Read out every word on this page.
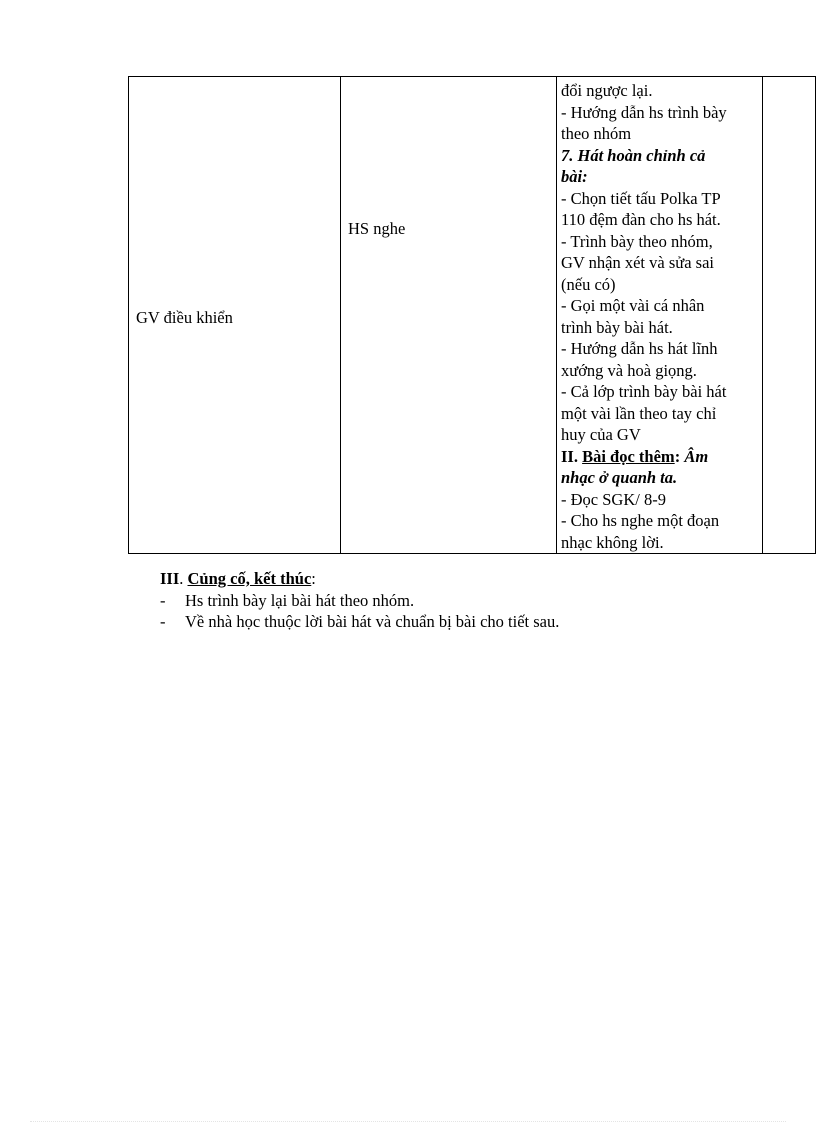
GV điều khiển

HS nghe

đổi ngược lại.
- Hướng dẫn hs trình bày
theo nhóm
7. Hát hoàn chỉnh cả
bài:
- Chọn tiết tấu Polka TP
110 đệm đàn cho hs hát.
- Trình bày theo nhóm,
GV nhận xét và sửa sai
(nếu có)
- Gọi một vài cá nhân
trình bày bài hát.
- Hướng dẫn hs hát lĩnh
xướng và hoà giọng.
- Cả lớp trình bày bài hát
một vài lần theo tay chỉ
huy của GV
II. Bài đọc thêm: Âm
nhạc ở quanh ta.
- Đọc SGK/ 8-9
- Cho hs nghe một đoạn
nhạc không lời.

III. Củng cố, kết thúc:
- Hs trình bày lại bài hát theo nhóm.
- Về nhà học thuộc lời bài hát và chuẩn bị bài cho tiết sau.
